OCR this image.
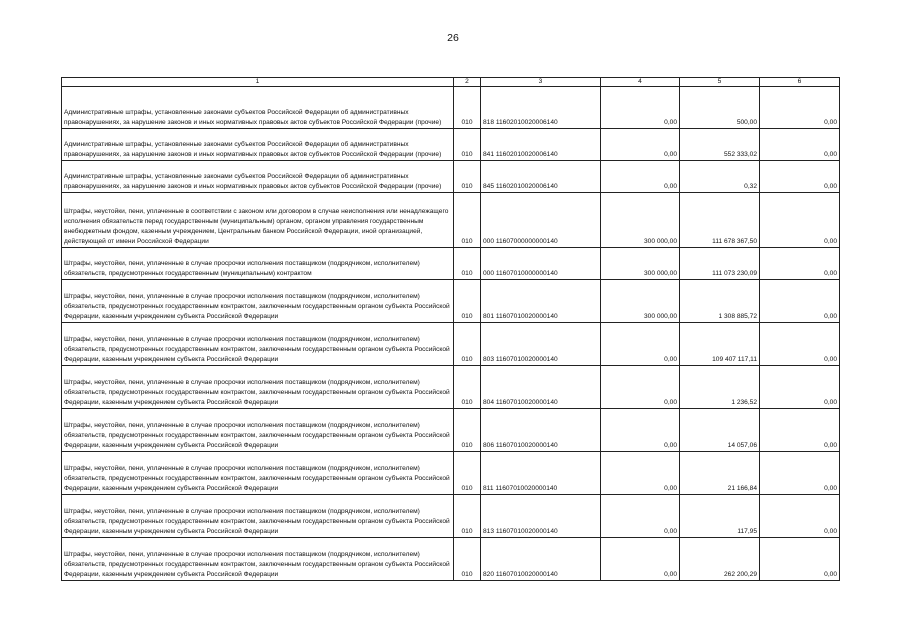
26
1	2	3	4	5	6
Административные штрафы, установленные законами субъектов Российской Федерации об административных правонарушениях, за нарушение законов и иных нормативных правовых актов субъектов Российской Федерации (прочие)	010	818 11602010020006140	0,00	500,00	0,00
Административные штрафы, установленные законами субъектов Российской Федерации об административных правонарушениях, за нарушение законов и иных нормативных правовых актов субъектов Российской Федерации (прочие)	010	841 11602010020006140	0,00	552 333,02	0,00
Административные штрафы, установленные законами субъектов Российской Федерации об административных правонарушениях, за нарушение законов и иных нормативных правовых актов субъектов Российской Федерации (прочие)	010	845 11602010020006140	0,00	0,32	0,00
Штрафы, неустойки, пени, уплаченные в соответствии с законом или договором в случае неисполнения или ненадлежащего исполнения обязательств перед государственным (муниципальным) органом, органом управления государственным внебюджетным фондом, казенным учреждением, Центральным банком Российской Федерации, иной организацией, действующей от имени Российской Федерации	010	000 11607000000000140	300 000,00	111 678 367,50	0,00
Штрафы, неустойки, пени, уплаченные в случае просрочки исполнения поставщиком (подрядчиком, исполнителем) обязательств, предусмотренных государственным (муниципальным) контрактом	010	000 11607010000000140	300 000,00	111 073 230,09	0,00
Штрафы, неустойки, пени, уплаченные в случае просрочки исполнения поставщиком (подрядчиком, исполнителем) обязательств, предусмотренных государственным контрактом, заключенным государственным органом субъекта Российской Федерации, казенным учреждением субъекта Российской Федерации	010	801 11607010020000140	300 000,00	1 308 885,72	0,00
Штрафы, неустойки, пени, уплаченные в случае просрочки исполнения поставщиком (подрядчиком, исполнителем) обязательств, предусмотренных государственным контрактом, заключенным государственным органом субъекта Российской Федерации, казенным учреждением субъекта Российской Федерации	010	803 11607010020000140	0,00	109 407 117,11	0,00
Штрафы, неустойки, пени, уплаченные в случае просрочки исполнения поставщиком (подрядчиком, исполнителем) обязательств, предусмотренных государственным контрактом, заключенным государственным органом субъекта Российской Федерации, казенным учреждением субъекта Российской Федерации	010	804 11607010020000140	0,00	1 236,52	0,00
Штрафы, неустойки, пени, уплаченные в случае просрочки исполнения поставщиком (подрядчиком, исполнителем) обязательств, предусмотренных государственным контрактом, заключенным государственным органом субъекта Российской Федерации, казенным учреждением субъекта Российской Федерации	010	806 11607010020000140	0,00	14 057,06	0,00
Штрафы, неустойки, пени, уплаченные в случае просрочки исполнения поставщиком (подрядчиком, исполнителем) обязательств, предусмотренных государственным контрактом, заключенным государственным органом субъекта Российской Федерации, казенным учреждением субъекта Российской Федерации	010	811 11607010020000140	0,00	21 166,84	0,00
Штрафы, неустойки, пени, уплаченные в случае просрочки исполнения поставщиком (подрядчиком, исполнителем) обязательств, предусмотренных государственным контрактом, заключенным государственным органом субъекта Российской Федерации, казенным учреждением субъекта Российской Федерации	010	813 11607010020000140	0,00	117,95	0,00
Штрафы, неустойки, пени, уплаченные в случае просрочки исполнения поставщиком (подрядчиком, исполнителем) обязательств, предусмотренных государственным контрактом, заключенным государственным органом субъекта Российской Федерации, казенным учреждением субъекта Российской Федерации	010	820 11607010020000140	0,00	262 200,29	0,00
